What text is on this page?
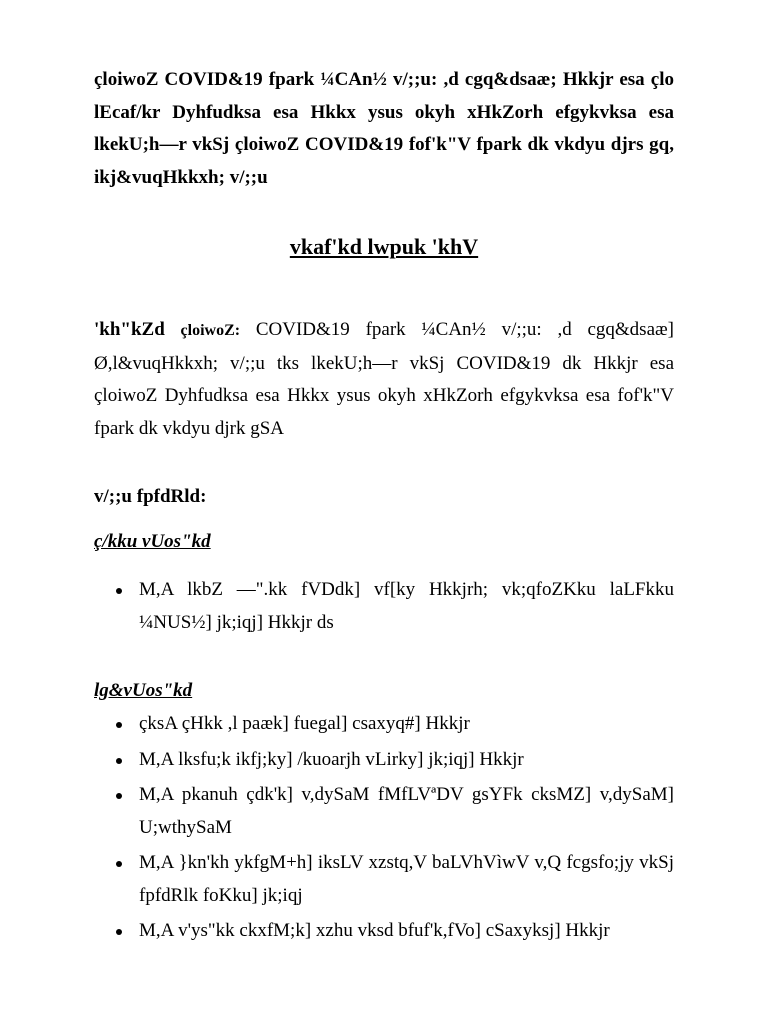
çloiwoZ COVID&19 fpark ¼CAn½ v/;;u: ,d cgq&dsaæ; Hkkjr esa çlo lEcaf/kr Dyhfudksa esa Hkkx ysus okyh xHkZorh efgykvksa esa lkekU;h—r vkSj çloiwoZ COVID&19 fof'k"V fpark dk vkdyu djrs gq, ikj&vuqHkkxh; v/;;u

vkaf'kd lwpuk 'khV

'kh"kZd çloiwoZ: COVID&19 fpark ¼CAn½ v/;;u: ,d cgq&dsaæ] Ø,l&vuqHkkxh; v/;;u tks lkekU;h—r vkSj COVID&19 dk Hkkjr esa çloiwoZ Dyhfudksa esa Hkkx ysus okyh xHkZorh efgykvksa esa fof'k"V fpark dk vkdyu djrk gSA

v/;;u fpfdRld:

ç/kku vUos"kd

M,A lkbZ —".kk fVDdk] vf[ky Hkkjrh; vk;qfoZKku laLFkku ¼NUS½] jk;iqj] Hkkjr ds

lg&vUos"kd

çksA çHkk ,l paæk] fuegal] csaxyq#] Hkkjr
M,A lksfu;k ikfj;ky] /kuoarjh vLirky] jk;iqj] Hkkjr
M,A pkanuh çdk'k] v,dySaM fMfLVªDV gsYFk cksMZ] v,dySaM] U;wthySaM
M,A }kn'kh ykfgM+h] iksLV xzstq,V baLVhVìwV v,Q fcgsfo;jy vkSj fpfdRlk foKku] jk;iqj
M,A v'ys"kk ckxfM;k] xzhu vksd bfuf'k,fVo] cSaxyksj] Hkkjr
